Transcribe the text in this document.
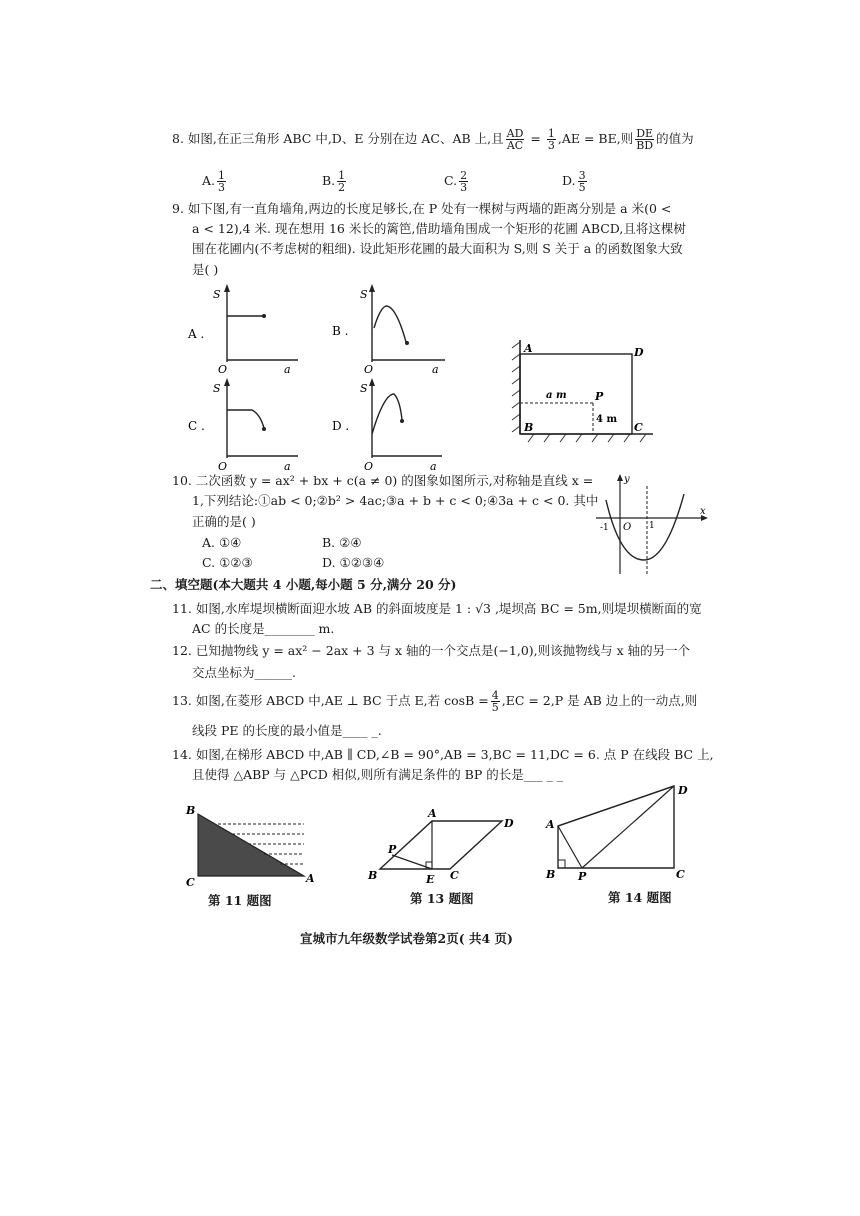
8. 如图,在正三角形 ABC 中,D、E 分别在边 AC、AB 上,且 $\frac{AD}{AC} = \frac{1}{3} ,AE$ = BE,则 $\frac{DE}{BD}$ 的值为
A. $\frac{1}{3}$	B. $\frac{1}{2}$	C. $\frac{2}{3}$	D. $\frac{3}{5}$
9. 如下图,有一直角墙角,两边的长度足够长,在 P 处有一棵树与两墙的距离分别是 a 米(0 <
a < 12),4 米. 现在想用 16 米长的篱笆,借助墙角围成一个矩形的花圃 ABCD,且将这棵树
围在花圃内(不考虑树的粗细). 设此矩形花圃的最大面积为 S,则 S 关于 a 的函数图象大致
是( )
A .
S
O	a
B .
S
O	a
C .
S
O	a
D .
S
O	a
A	D
B	C
P
a m
4 m
10. 二次函数 y = ax² + bx + c(a ≠ 0) 的图象如图所示,对称轴是直线 x =
1,下列结论:①ab < 0;②b² > 4ac;③a + b + c < 0;④3a + c < 0. 其中
正确的是( )
A. ①④	B. ②④
C. ①②③	D. ①②③④
y
x
-1 O 1
二、填空题(本大题共 4 小题,每小题 5 分,满分 20 分)
11. 如图,水库堤坝横断面迎水坡 AB 的斜面坡度是 1 : √3 ,堤坝高 BC = 5m,则堤坝横断面的宽
AC 的长度是________ m.
12. 已知抛物线 y = ax² − 2ax + 3 与 x 轴的一个交点是(−1,0),则该抛物线与 x 轴的另一个
交点坐标为______.
13. 如图,在菱形 ABCD 中,AE ⊥ BC 于点 E,若 $\cos B = \frac{4}{5} ,EC = 2,P$ 是 AB 边上的一动点,则
线段 PE 的长度的最小值是____ _.
14. 如图,在梯形 ABCD 中,AB ∥ CD,∠B = 90°,AB = 3,BC = 11,DC = 6. 点 P 在线段 BC 上,
且使得 △ABP 与 △PCD 相似,则所有满足条件的 BP 的长是___ _ _
B
C	A
第 11 题图
A
D
P
B	E C
第 13 题图
D
A
B P	C
第 14 题图
宣城市九年级数学试卷第2页( 共4 页)
